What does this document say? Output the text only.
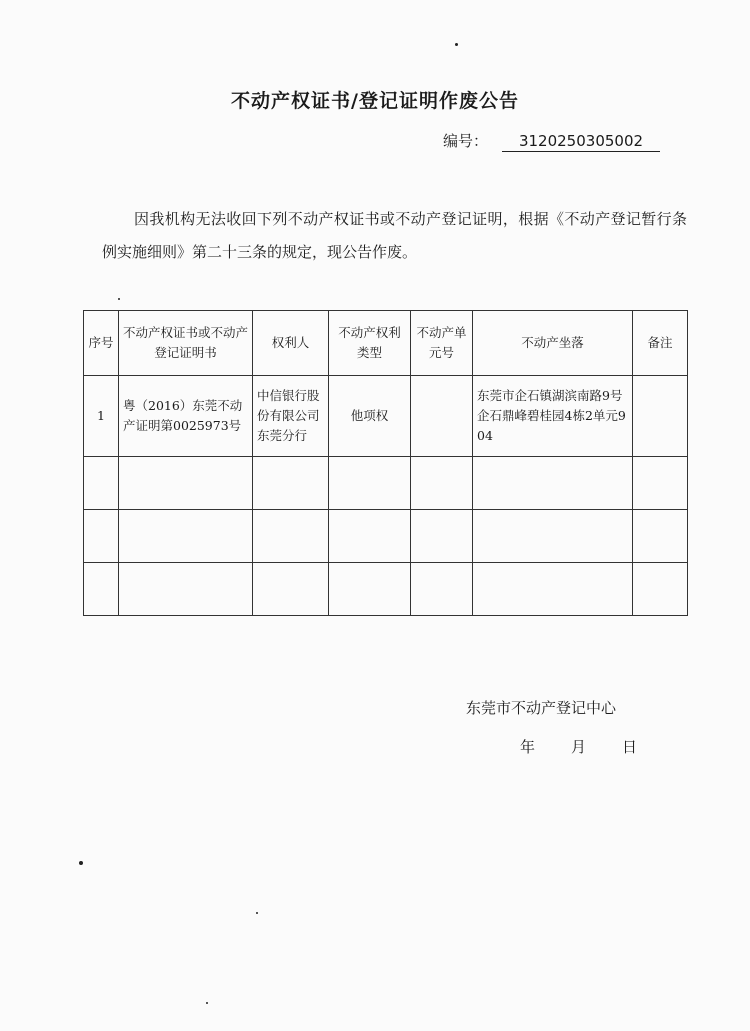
不动产权证书/登记证明作废公告
编号： 3120250305002
因我机构无法收回下列不动产权证书或不动产登记证明，根据《不动产登记暂行条例实施细则》第二十三条的规定，现公告作废。
序号	不动产权证书或不动产登记证明书	权利人	不动产权利类型	不动产单元号	不动产坐落	备注
1	粤（2016）东莞不动产证明第0025973号	中信银行股份有限公司东莞分行	他项权		东莞市企石镇湖滨南路9号企石鼎峰碧桂园4栋2单元904	

东莞市不动产登记中心
年 月 日
